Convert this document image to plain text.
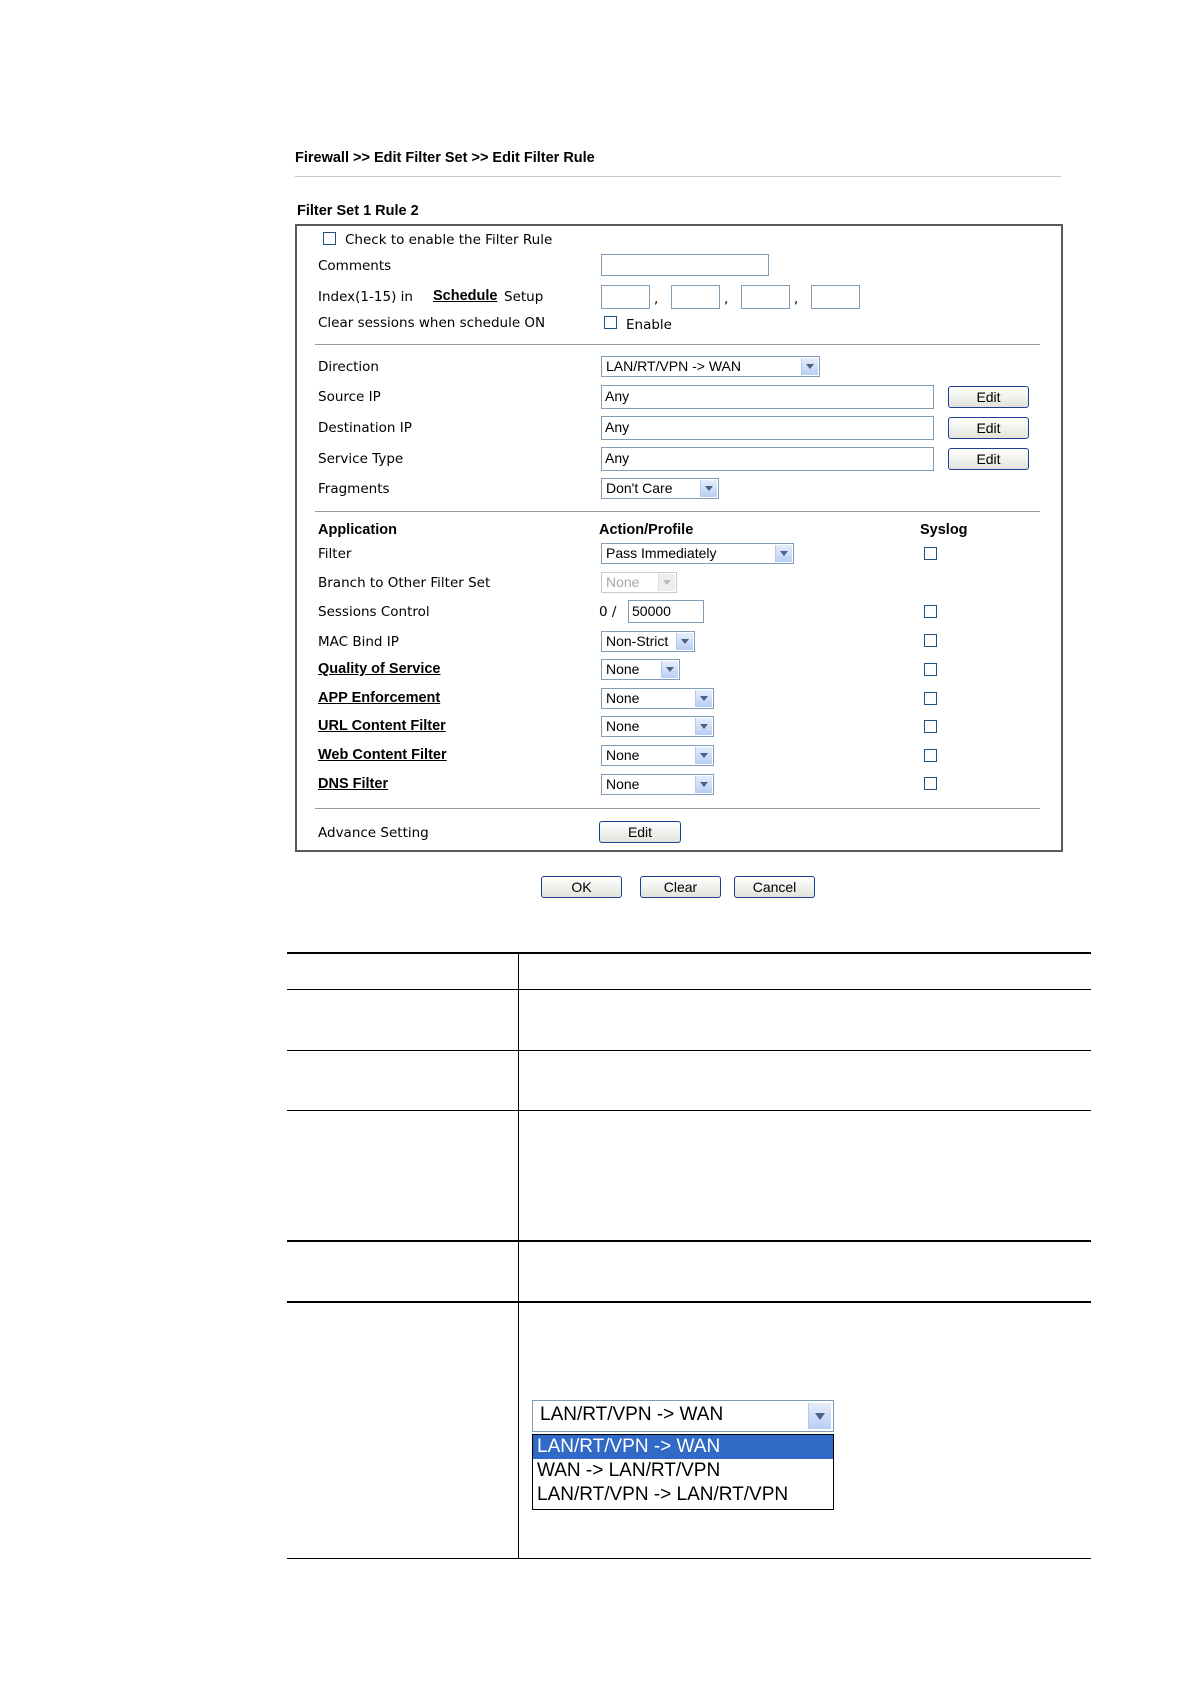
Firewall >> Edit Filter Set >> Edit Filter Rule
Filter Set 1 Rule 2
Check to enable the Filter Rule
Comments
Index(1-15) in Schedule Setup	,	,	,
Clear sessions when schedule ON	Enable
Direction	LAN/RT/VPN -> WAN
Source IP	Any	Edit
Destination IP	Any	Edit
Service Type	Any	Edit
Fragments	Don't Care
Application	Action/Profile	Syslog
Filter	Pass Immediately
Branch to Other Filter Set	None
Sessions Control	0 / 50000
MAC Bind IP	Non-Strict
Quality of Service	None
APP Enforcement	None
URL Content Filter	None
Web Content Filter	None
DNS Filter	None
Advance Setting	Edit
OK	Clear	Cancel
LAN/RT/VPN -> WAN
LAN/RT/VPN -> WAN
WAN -> LAN/RT/VPN
LAN/RT/VPN -> LAN/RT/VPN
